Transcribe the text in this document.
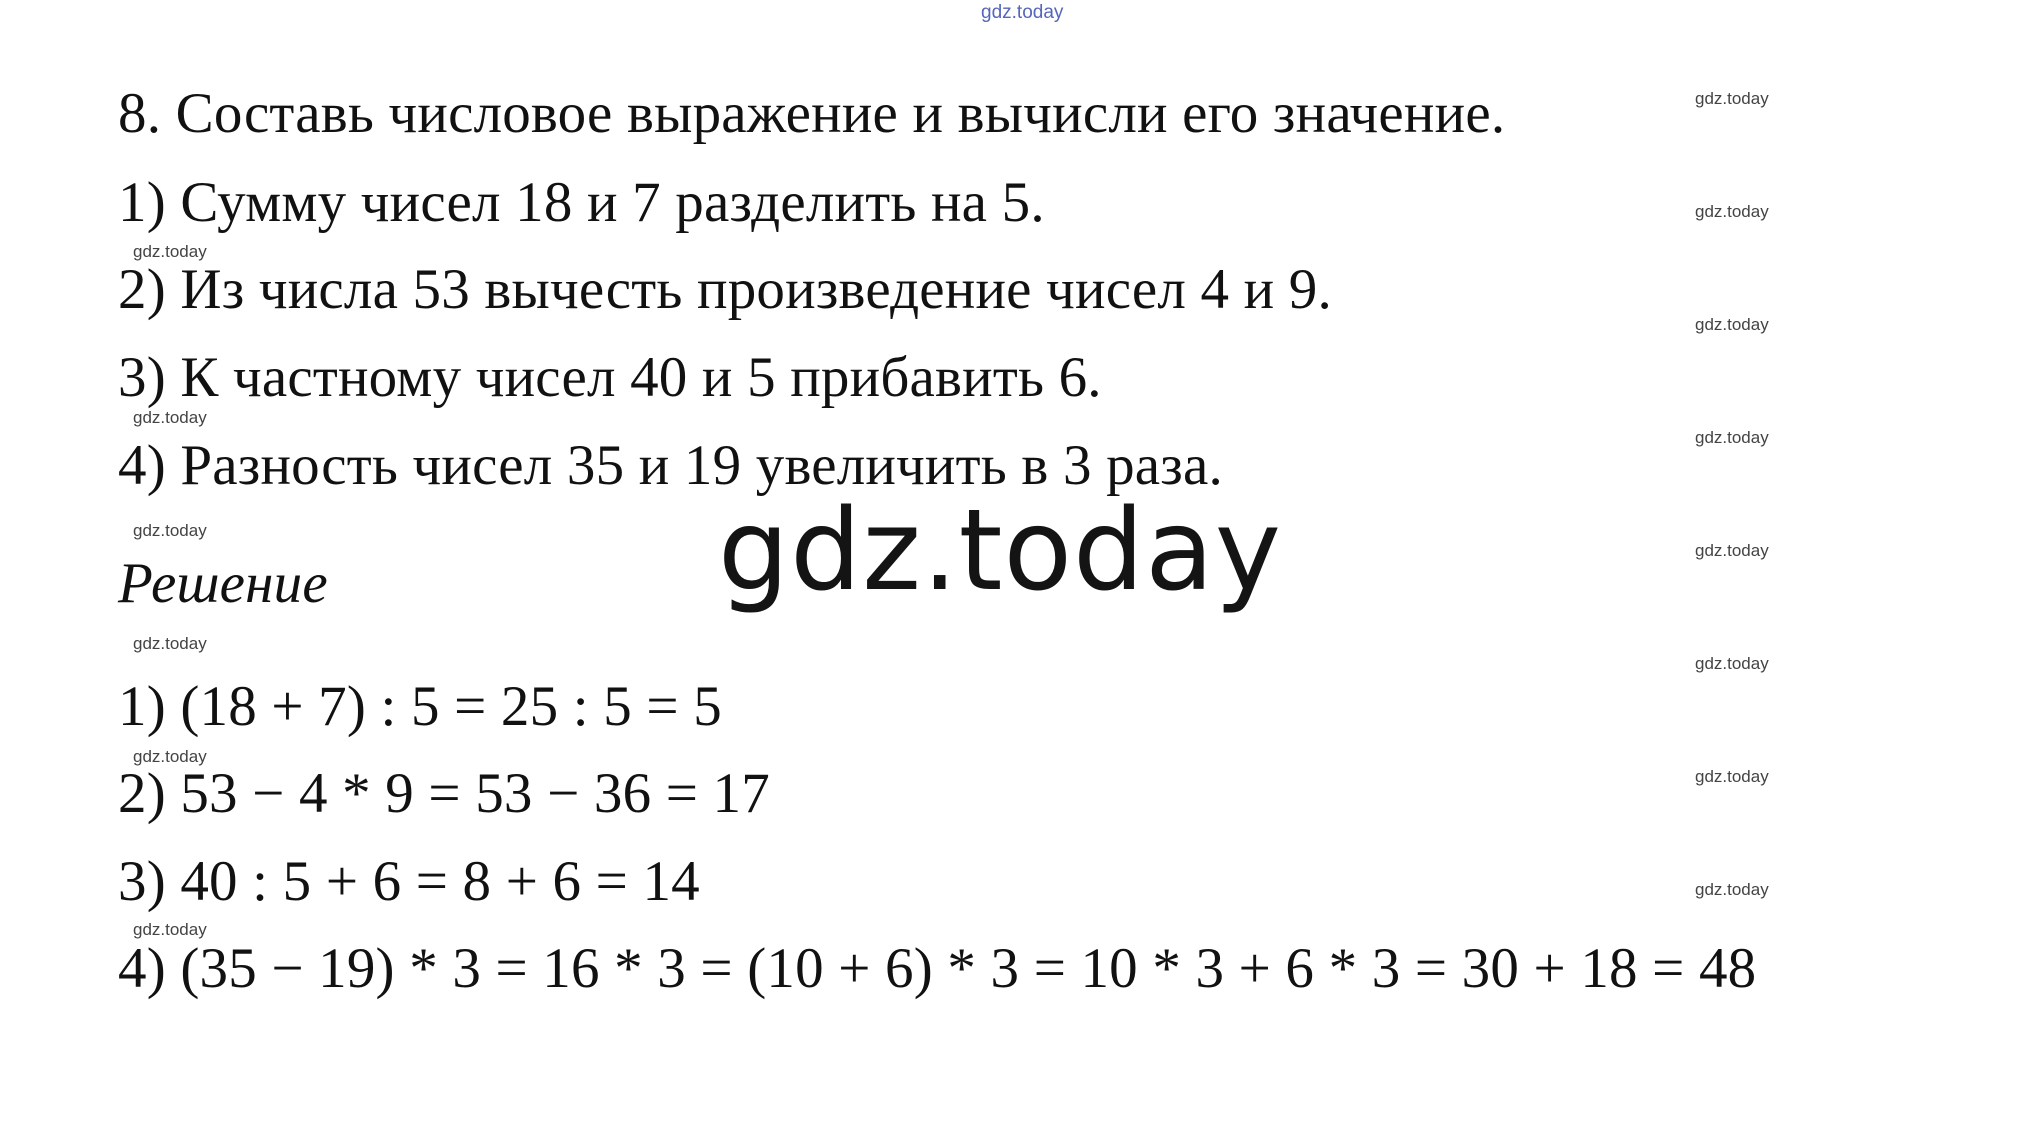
gdz.today
8. Составь числовое выражение и вычисли его значение.
1) Сумму чисел 18 и 7 разделить на 5.
2) Из числа 53 вычесть произведение чисел 4 и 9.
3) К частному чисел 40 и 5 прибавить 6.
4) Разность чисел 35 и 19 увеличить в 3 раза.
gdz.today
Решение
1) (18 + 7) : 5 = 25 : 5 = 5
2) 53 − 4 * 9 = 53 − 36 = 17
3) 40 : 5 + 6 = 8 + 6 = 14
4) (35 − 19) * 3 = 16 * 3 = (10 + 6) * 3 = 10 * 3 + 6 * 3 = 30 + 18 = 48
gdz.today
gdz.today
gdz.today
gdz.today
gdz.today
gdz.today
gdz.today
gdz.today
gdz.today
gdz.today
gdz.today
gdz.today
gdz.today
gdz.today
